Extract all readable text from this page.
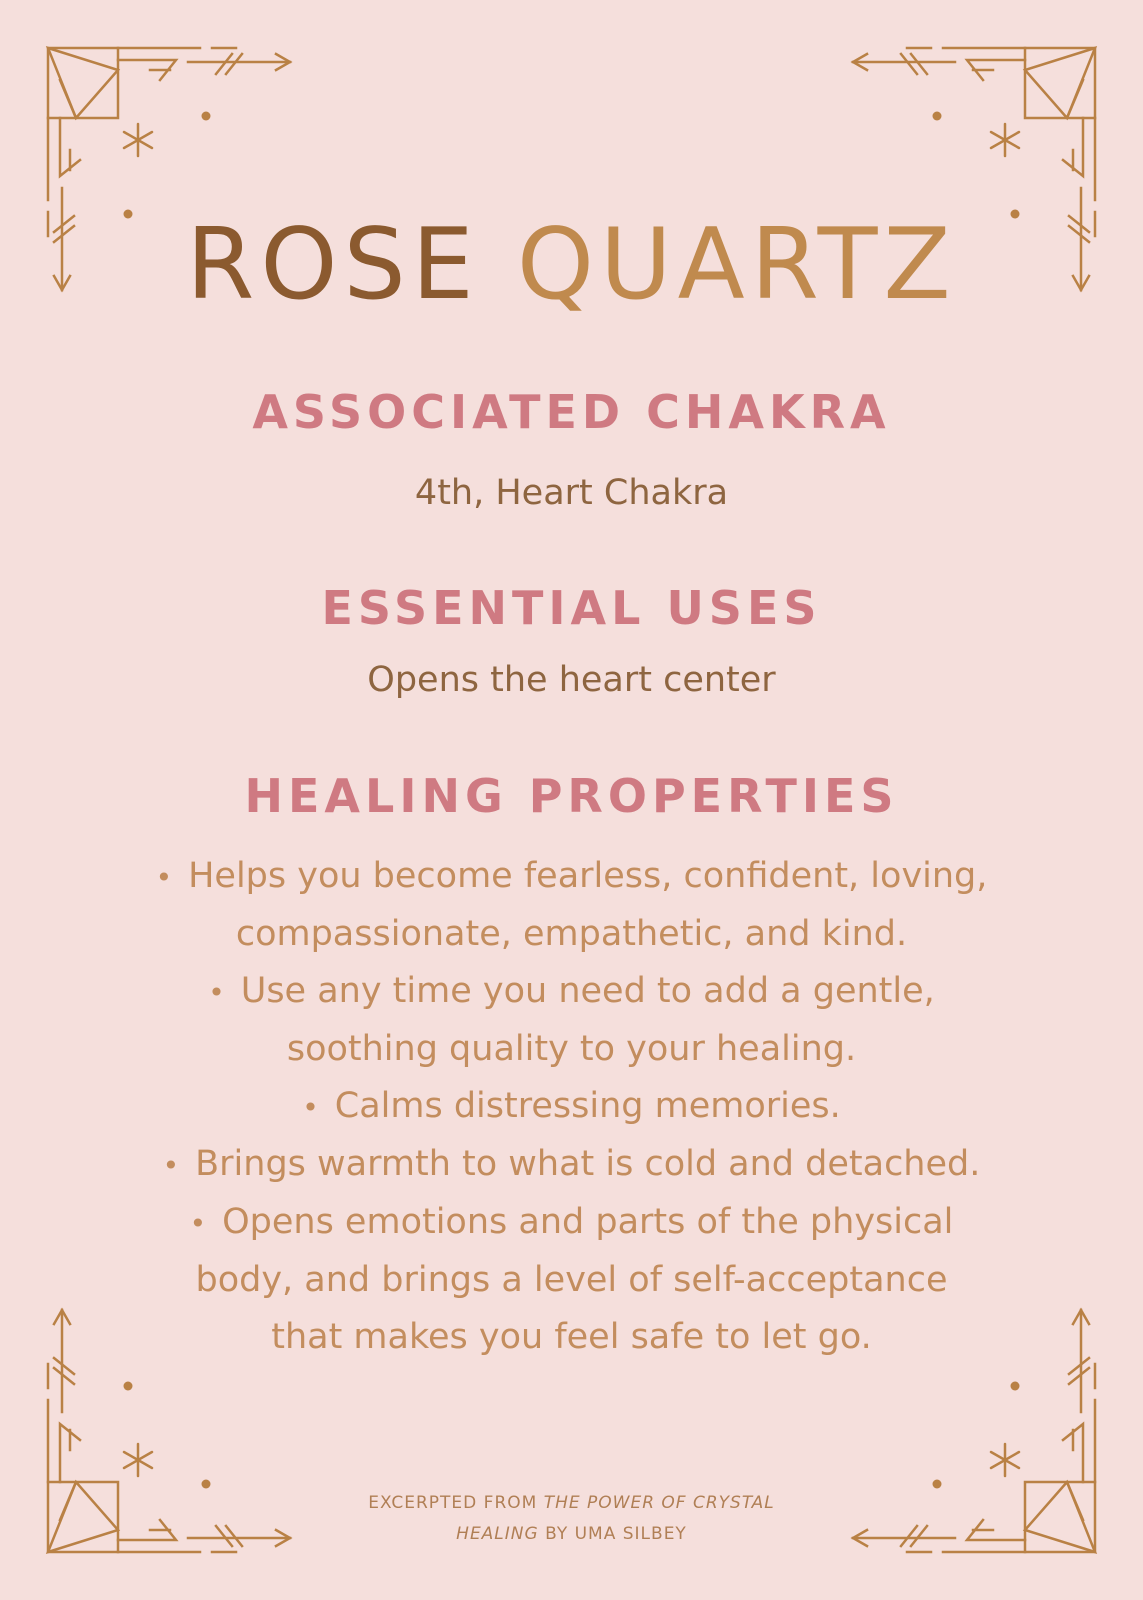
ROSE QUARTZ
ASSOCIATED CHAKRA

4th, Heart Chakra

ESSENTIAL USES

Opens the heart center

HEALING PROPERTIES
• Helps you become fearless, confident, loving,
compassionate, empathetic, and kind.
• Use any time you need to add a gentle,
soothing quality to your healing.
• Calms distressing memories.
• Brings warmth to what is cold and detached.
• Opens emotions and parts of the physical
body, and brings a level of self-acceptance
that makes you feel safe to let go.
EXCERPTED FROM THE POWER OF CRYSTAL
HEALING BY UMA SILBEY
